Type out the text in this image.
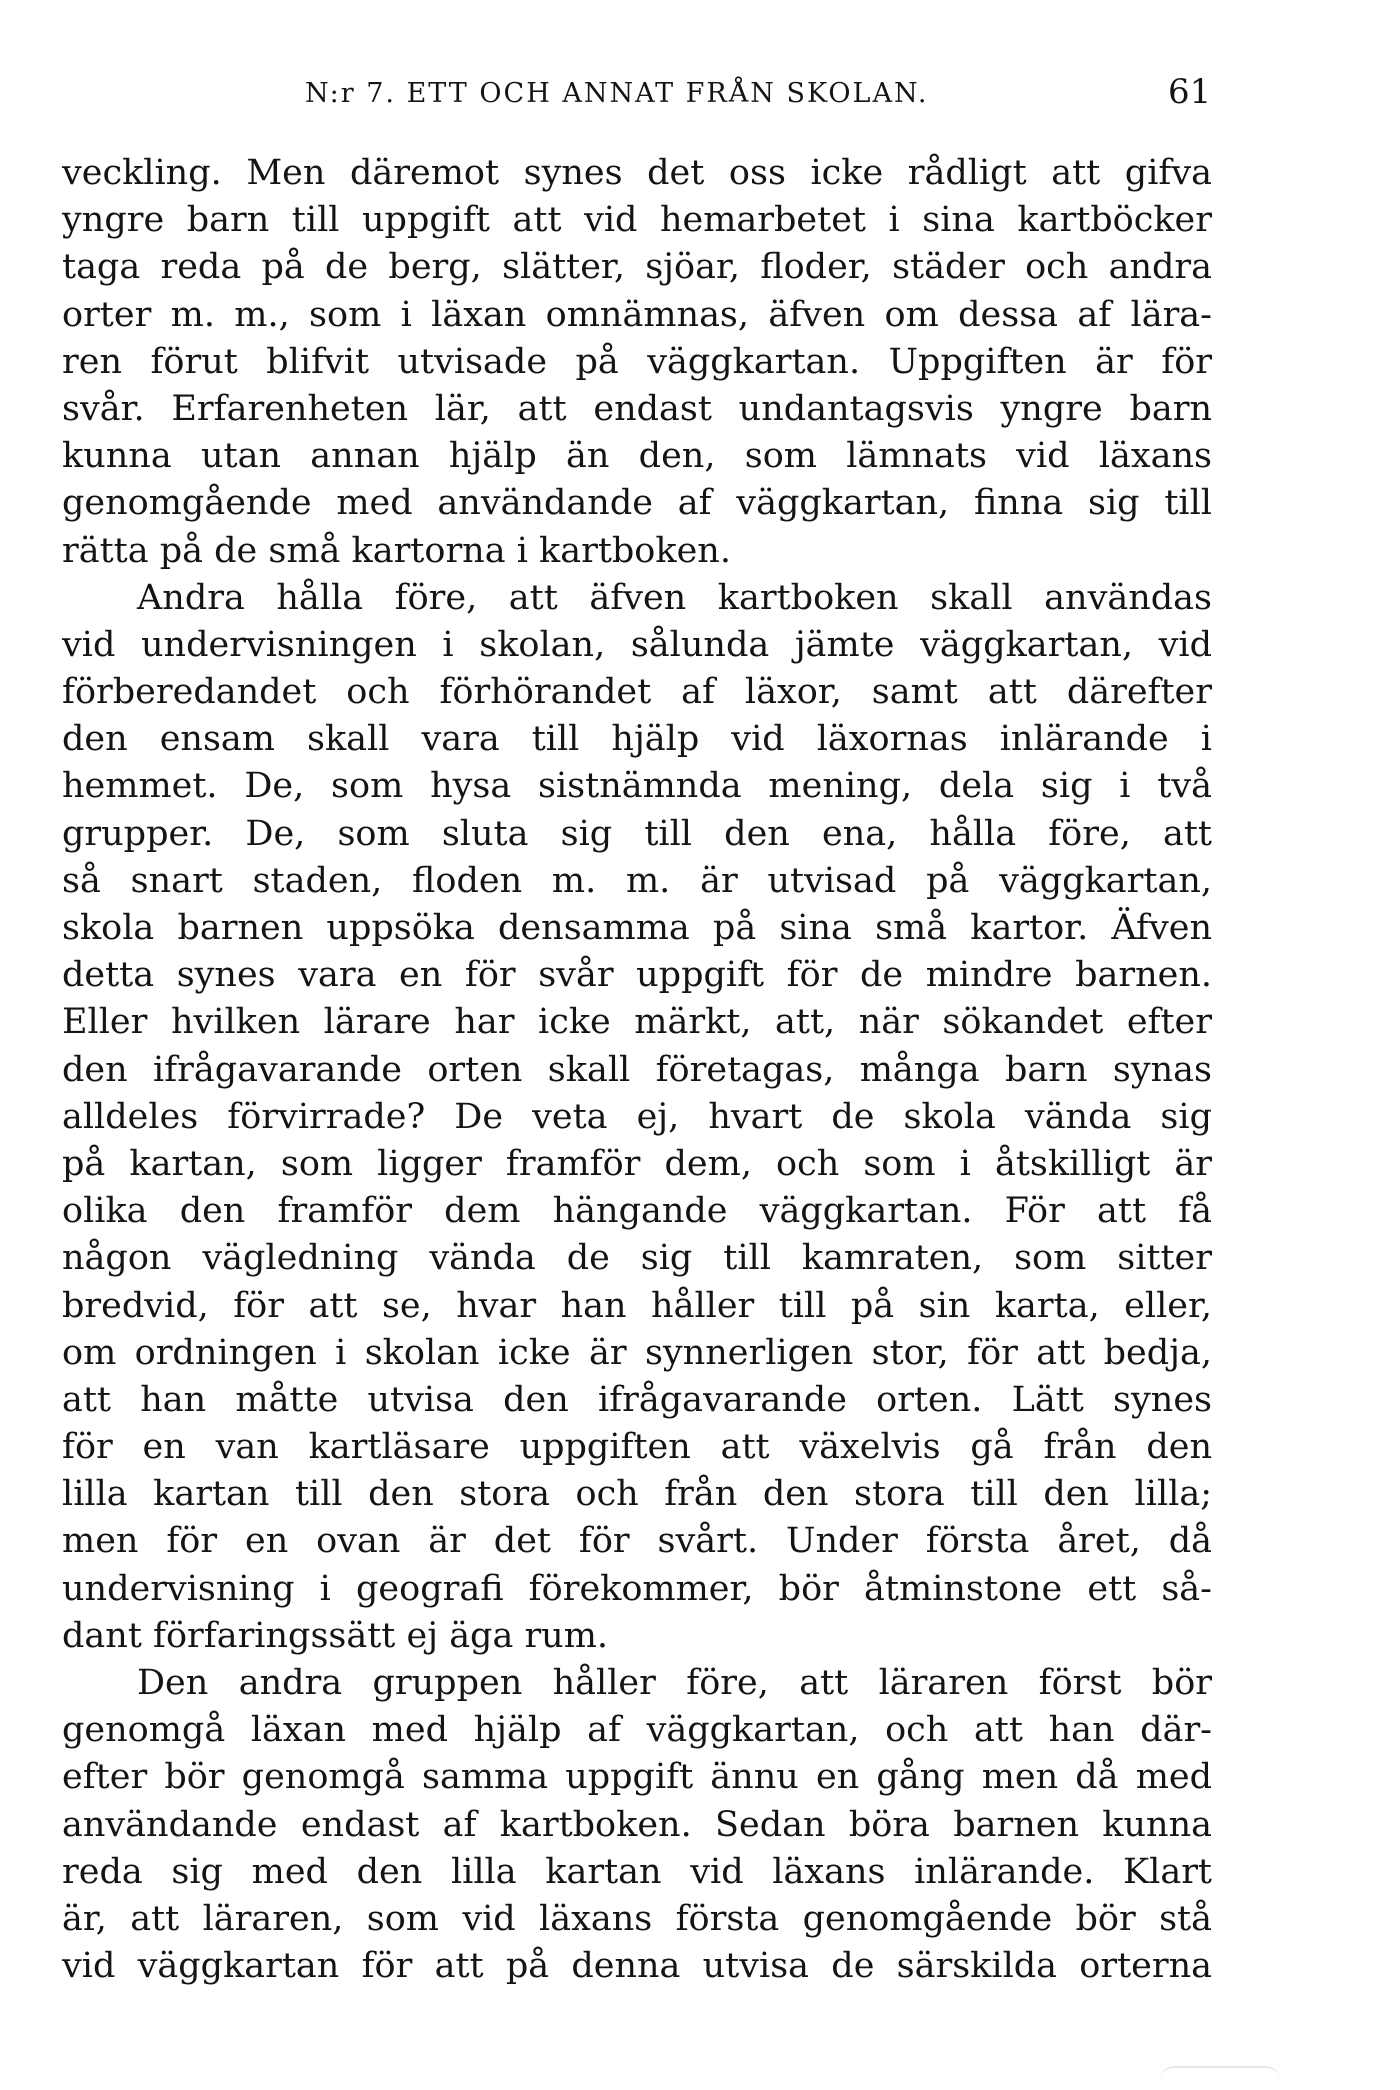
N:r 7. ETT OCH ANNAT FRÅN SKOLAN.	61
veckling. Men däremot synes det oss icke rådligt att gifva
yngre barn till uppgift att vid hemarbetet i sina kartböcker
taga reda på de berg, slätter, sjöar, floder, städer och andra
orter m. m., som i läxan omnämnas, äfven om dessa af lära-
ren förut blifvit utvisade på väggkartan. Uppgiften är för
svår. Erfarenheten lär, att endast undantagsvis yngre barn
kunna utan annan hjälp än den, som lämnats vid läxans
genomgående med användande af väggkartan, finna sig till
rätta på de små kartorna i kartboken.
Andra hålla före, att äfven kartboken skall användas
vid undervisningen i skolan, sålunda jämte väggkartan, vid
förberedandet och förhörandet af läxor, samt att därefter
den ensam skall vara till hjälp vid läxornas inlärande i
hemmet. De, som hysa sistnämnda mening, dela sig i två
grupper. De, som sluta sig till den ena, hålla före, att
så snart staden, floden m. m. är utvisad på väggkartan,
skola barnen uppsöka densamma på sina små kartor. Äfven
detta synes vara en för svår uppgift för de mindre barnen.
Eller hvilken lärare har icke märkt, att, när sökandet efter
den ifrågavarande orten skall företagas, många barn synas
alldeles förvirrade? De veta ej, hvart de skola vända sig
på kartan, som ligger framför dem, och som i åtskilligt är
olika den framför dem hängande väggkartan. För att få
någon vägledning vända de sig till kamraten, som sitter
bredvid, för att se, hvar han håller till på sin karta, eller,
om ordningen i skolan icke är synnerligen stor, för att bedja,
att han måtte utvisa den ifrågavarande orten. Lätt synes
för en van kartläsare uppgiften att växelvis gå från den
lilla kartan till den stora och från den stora till den lilla;
men för en ovan är det för svårt. Under första året, då
undervisning i geografi förekommer, bör åtminstone ett så-
dant förfaringssätt ej äga rum.
Den andra gruppen håller före, att läraren först bör
genomgå läxan med hjälp af väggkartan, och att han där-
efter bör genomgå samma uppgift ännu en gång men då med
användande endast af kartboken. Sedan böra barnen kunna
reda sig med den lilla kartan vid läxans inlärande. Klart
är, att läraren, som vid läxans första genomgående bör stå
vid väggkartan för att på denna utvisa de särskilda orterna
